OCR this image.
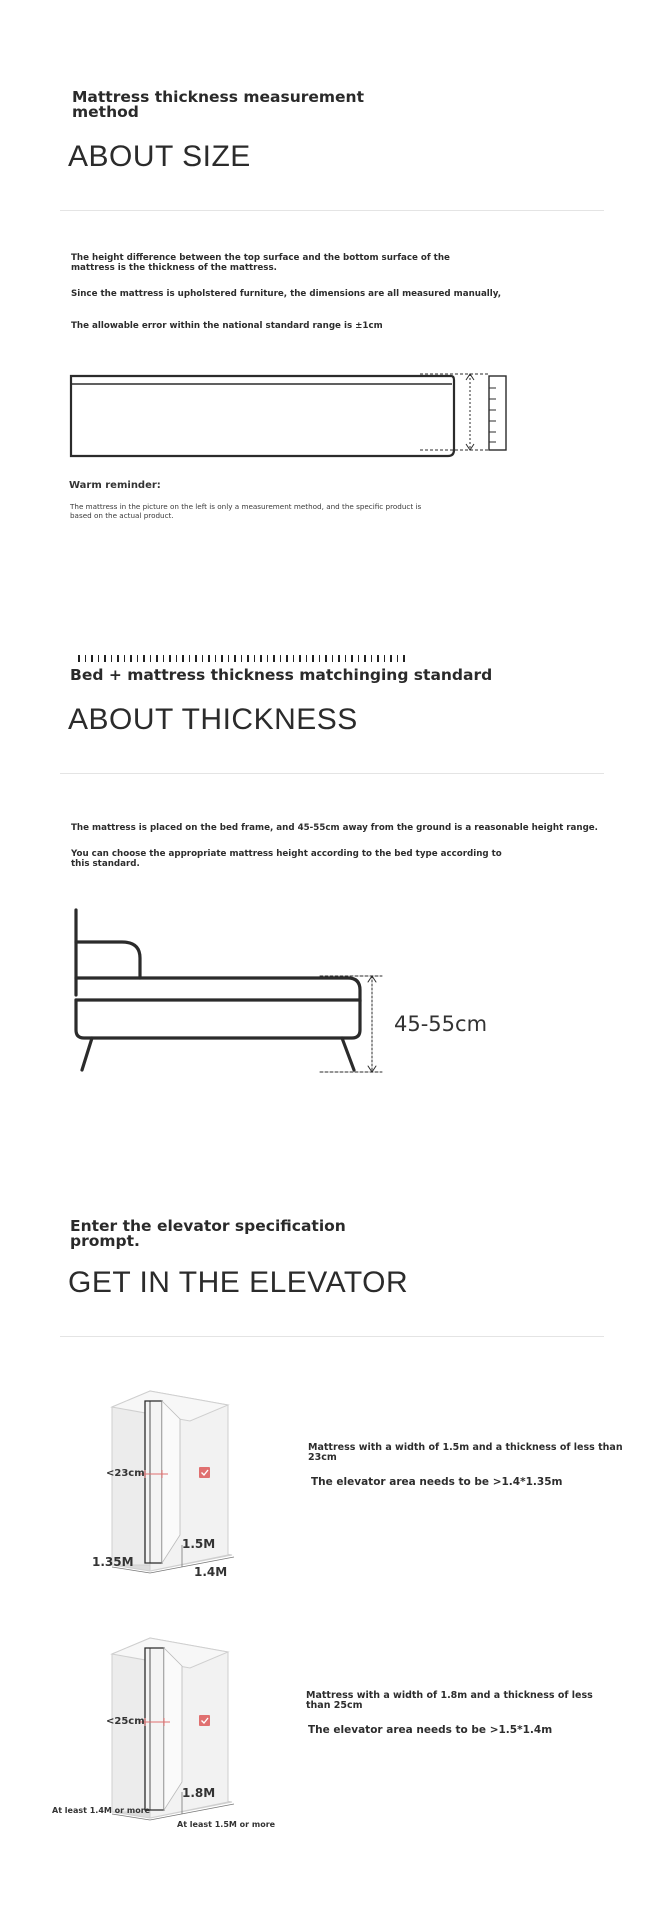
Mattress thickness measurement
method
ABOUT SIZE
The height difference between the top surface and the bottom surface of the
mattress is the thickness of the mattress.
Since the mattress is upholstered furniture, the dimensions are all measured manually,
The allowable error within the national standard range is ±1cm
Warm reminder:
The mattress in the picture on the left is only a measurement method, and the specific product is
based on the actual product.
Bed + mattress thickness matchinging standard
ABOUT THICKNESS
The mattress is placed on the bed frame, and 45-55cm away from the ground is a reasonable height range.
You can choose the appropriate mattress height according to the bed type according to
this standard.
45-55cm
Enter the elevator specification
prompt.
GET IN THE ELEVATOR
<23cm
1.5M
1.35M
1.4M
Mattress with a width of 1.5m and a thickness of less than
23cm
The elevator area needs to be >1.4*1.35m
<25cm
1.8M
At least 1.4M or more
At least 1.5M or more
Mattress with a width of 1.8m and a thickness of less
than 25cm
The elevator area needs to be >1.5*1.4m
